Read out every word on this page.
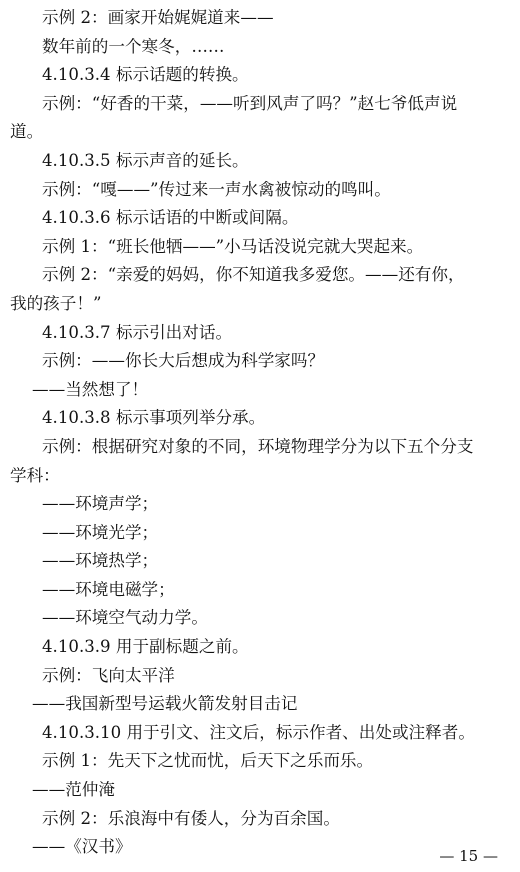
示例 2：画家开始娓娓道来——
数年前的一个寒冬，……
4.10.3.4 标示话题的转换。
示例：“好香的干菜，——听到风声了吗？”赵七爷低声说
道。
4.10.3.5 标示声音的延长。
示例：“嘎——”传过来一声水禽被惊动的鸣叫。
4.10.3.6 标示话语的中断或间隔。
示例 1：“班长他牺——”小马话没说完就大哭起来。
示例 2：“亲爱的妈妈，你不知道我多爱您。——还有你，
我的孩子！”
4.10.3.7 标示引出对话。
示例：——你长大后想成为科学家吗？
——当然想了！
4.10.3.8 标示事项列举分承。
示例：根据研究对象的不同，环境物理学分为以下五个分支
学科：
——环境声学；
——环境光学；
——环境热学；
——环境电磁学；
——环境空气动力学。
4.10.3.9 用于副标题之前。
示例：飞向太平洋
——我国新型号运载火箭发射目击记
4.10.3.10 用于引文、注文后，标示作者、出处或注释者。
示例 1：先天下之忧而忧，后天下之乐而乐。
——范仲淹
示例 2：乐浪海中有倭人，分为百余国。
——《汉书》	— 15 —
